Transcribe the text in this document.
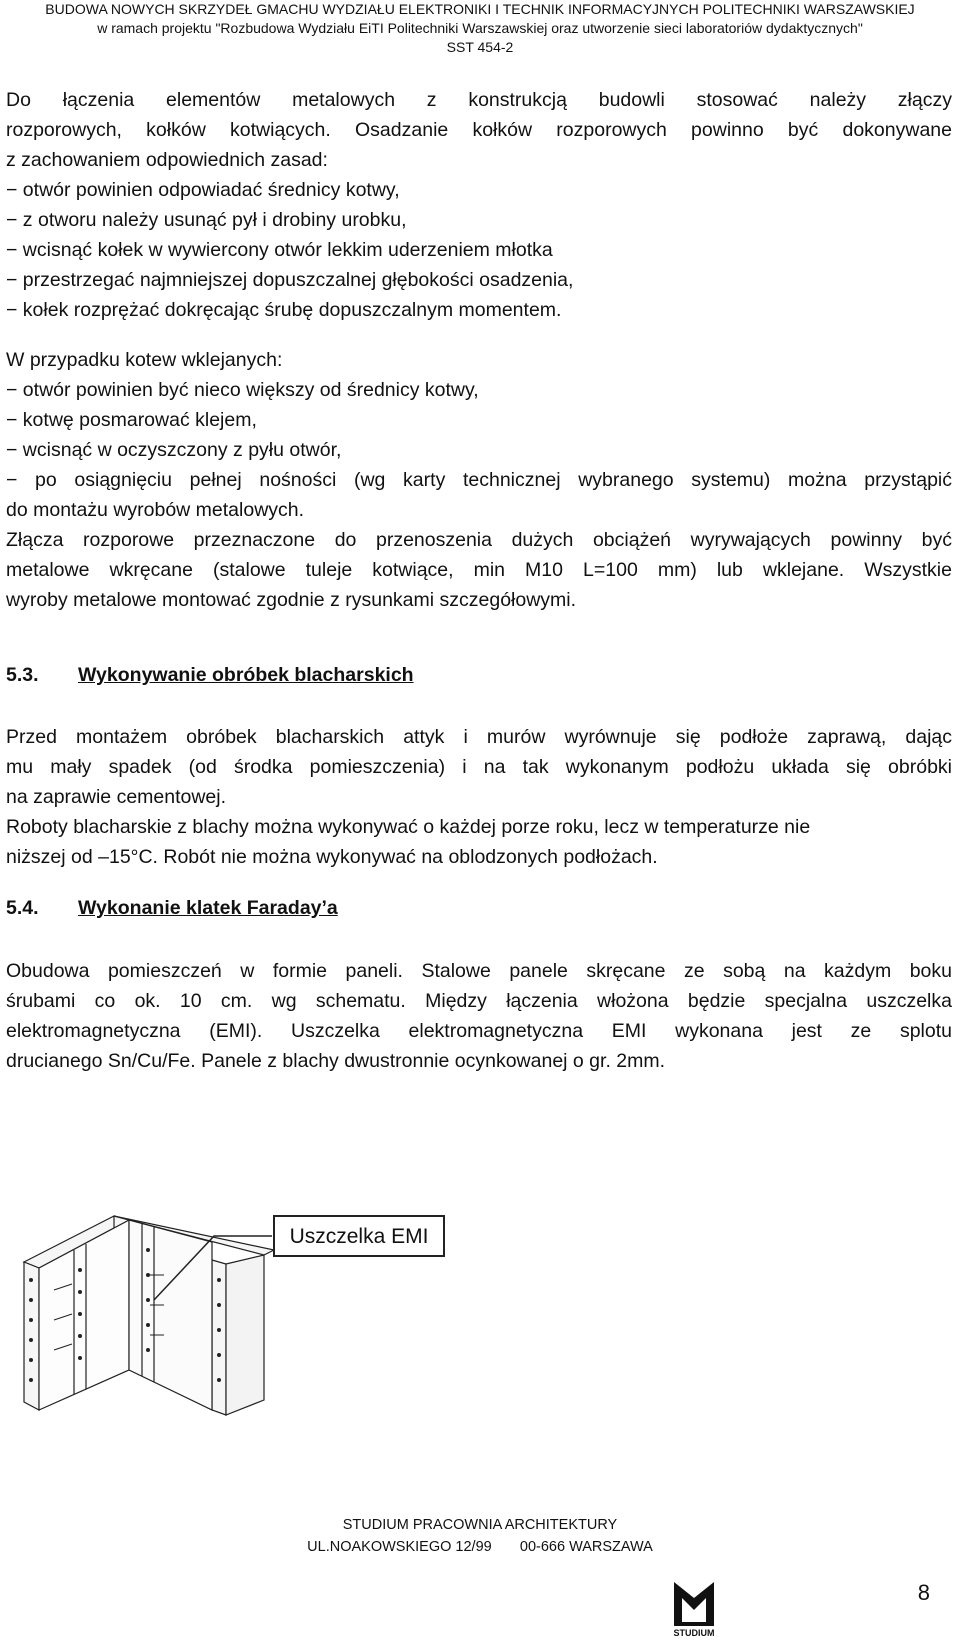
BUDOWA NOWYCH SKRZYDEŁ GMACHU WYDZIAŁU ELEKTRONIKI I TECHNIK INFORMACYJNYCH POLITECHNIKI WARSZAWSKIEJ
w ramach projektu "Rozbudowa Wydziału EiTI Politechniki Warszawskiej oraz utworzenie sieci laboratoriów dydaktycznych"
SST 454-2
Do łączenia elementów metalowych z konstrukcją budowli stosować należy złączy
rozporowych, kołków kotwiących. Osadzanie kołków rozporowych powinno być dokonywane
z zachowaniem odpowiednich zasad:
− otwór powinien odpowiadać średnicy kotwy,
− z otworu należy usunąć pył i drobiny urobku,
− wcisnąć kołek w wywiercony otwór lekkim uderzeniem młotka
− przestrzegać najmniejszej dopuszczalnej głębokości osadzenia,
− kołek rozprężać dokręcając śrubę dopuszczalnym momentem.
W przypadku kotew wklejanych:
− otwór powinien być nieco większy od średnicy kotwy,
− kotwę posmarować klejem,
− wcisnąć w oczyszczony z pyłu otwór,
− po osiągnięciu pełnej nośności (wg karty technicznej wybranego systemu) można przystąpić
do montażu wyrobów metalowych.
Złącza rozporowe przeznaczone do przenoszenia dużych obciążeń wyrywających powinny być
metalowe wkręcane (stalowe tuleje kotwiące, min M10 L=100 mm) lub wklejane. Wszystkie
wyroby metalowe montować zgodnie z rysunkami szczegółowymi.
5.3. Wykonywanie obróbek blacharskich
Przed montażem obróbek blacharskich attyk i murów wyrównuje się podłoże zaprawą, dając
mu mały spadek (od środka pomieszczenia) i na tak wykonanym podłożu układa się obróbki
na zaprawie cementowej.
Roboty blacharskie z blachy można wykonywać o każdej porze roku, lecz w temperaturze nie
niższej od –15°C. Robót nie można wykonywać na oblodzonych podłożach.
5.4. Wykonanie klatek Faraday’a
Obudowa pomieszczeń w formie paneli. Stalowe panele skręcane ze sobą na każdym boku
śrubami co ok. 10 cm. wg schematu. Między łączenia włożona będzie specjalna uszczelka
elektromagnetyczna (EMI). Uszczelka elektromagnetyczna EMI wykonana jest ze splotu
drucianego Sn/Cu/Fe. Panele z blachy dwustronnie ocynkowanej o gr. 2mm.
Uszczelka EMI
STUDIUM PRACOWNIA ARCHITEKTURY
UL.NOAKOWSKIEGO 12/99       00-666 WARSZAWA
STUDIUM
8
